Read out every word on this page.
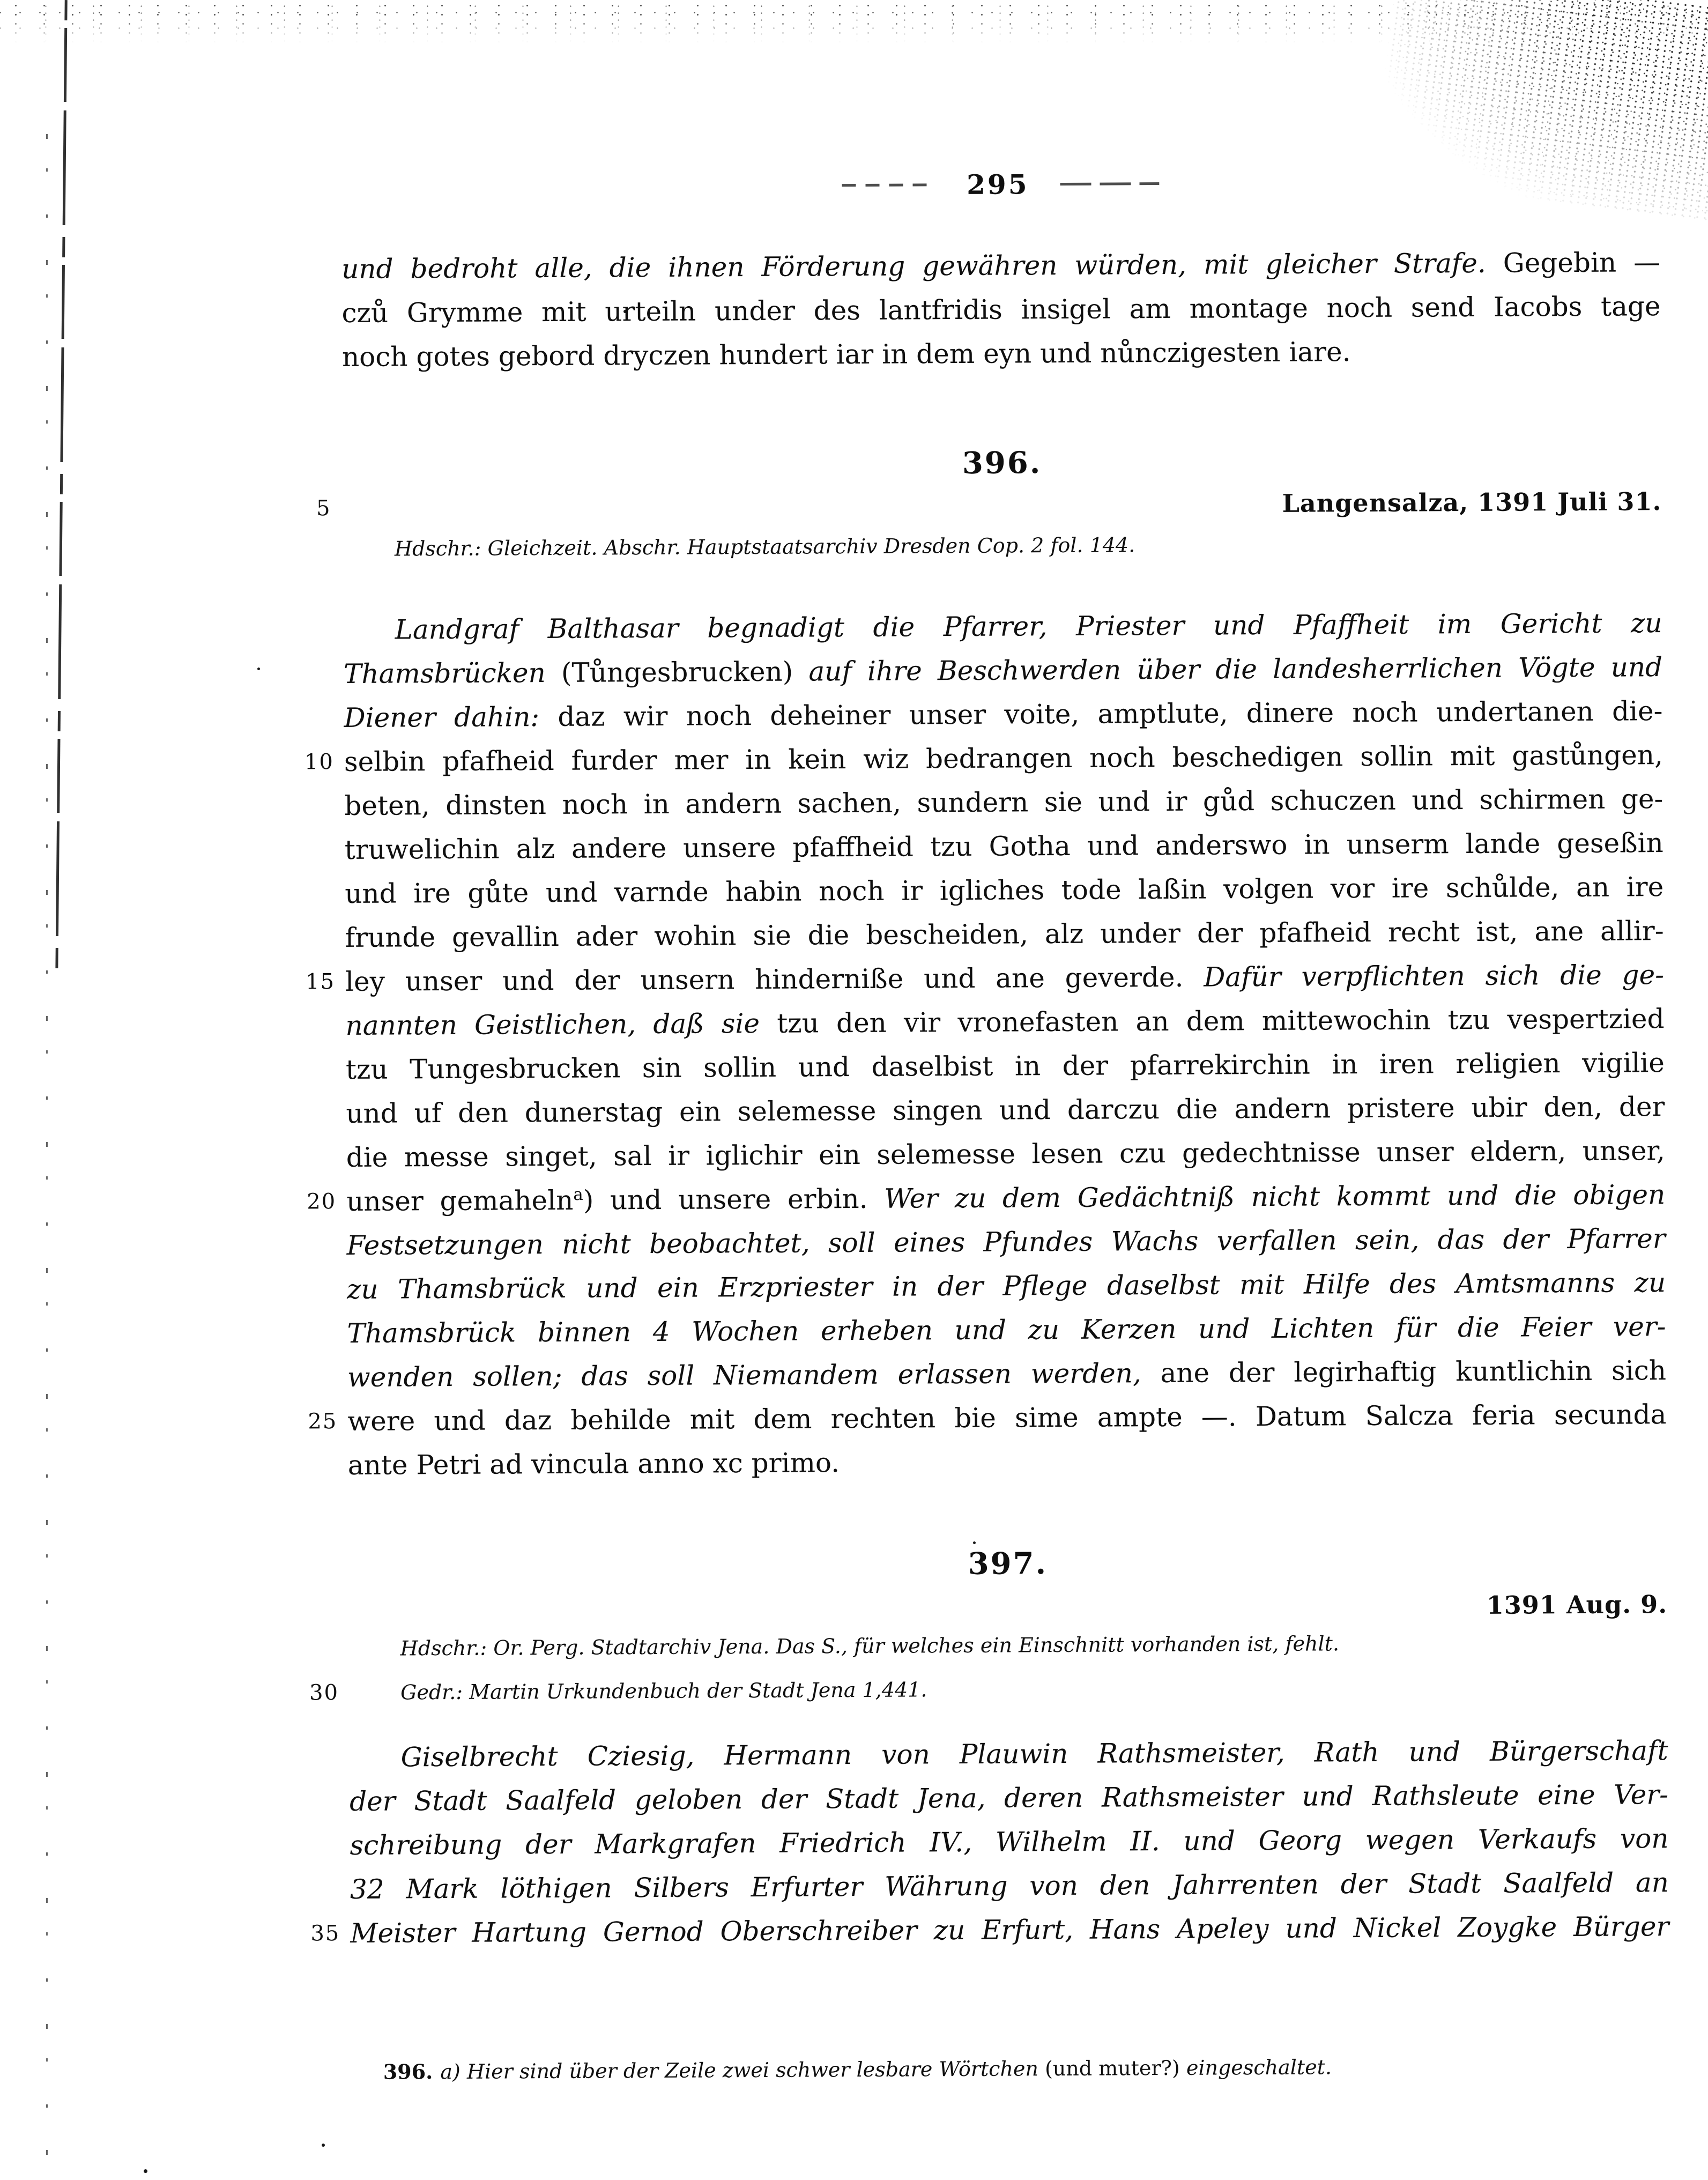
295
und bedroht alle, die ihnen Förderung gewähren würden, mit gleicher Strafe. Gegebin —
czů Grymme mit urteiln under des lantfridis insigel am montage noch send Iacobs tage
noch gotes gebord dryczen hundert iar in dem eyn und nůnczigesten iare.
396.
5	Langensalza, 1391 Juli 31.
Hdschr.: Gleichzeit. Abschr. Hauptstaatsarchiv Dresden Cop. 2 fol. 144.
Landgraf Balthasar begnadigt die Pfarrer, Priester und Pfaffheit im Gericht zu
Thamsbrücken (Tůngesbrucken) auf ihre Beschwerden über die landesherrlichen Vögte und
Diener dahin: daz wir noch deheiner unser voite, amptlute, dinere noch undertanen die-
10 selbin pfafheid furder mer in kein wiz bedrangen noch beschedigen sollin mit gastůngen,
beten, dinsten noch in andern sachen, sundern sie und ir gůd schuczen und schirmen ge-
truwelichin alz andere unsere pfaffheid tzu Gotha und anderswo in unserm lande geseßin
und ire gůte und varnde habin noch ir igliches tode laßin volgen vor ire schůlde, an ire
frunde gevallin ader wohin sie die bescheiden, alz under der pfafheid recht ist, ane allir-
15 ley unser und der unsern hinderniße und ane geverde. Dafür verpflichten sich die ge-
nannten Geistlichen, daß sie tzu den vir vronefasten an dem mittewochin tzu vespertzied
tzu Tungesbrucken sin sollin und daselbist in der pfarrekirchin in iren religien vigilie
und uf den dunerstag ein selemesse singen und darczu die andern pristere ubir den, der
die messe singet, sal ir iglichir ein selemesse lesen czu gedechtnisse unser eldern, unser,
20 unser gemaheln$^a$) und unsere erbin. Wer zu dem Gedächtniß nicht kommt und die obigen
Festsetzungen nicht beobachtet, soll eines Pfundes Wachs verfallen sein, das der Pfarrer
zu Thamsbrück und ein Erzpriester in der Pflege daselbst mit Hilfe des Amtsmanns zu
Thamsbrück binnen 4 Wochen erheben und zu Kerzen und Lichten für die Feier ver-
wenden sollen; das soll Niemandem erlassen werden, ane der legirhaftig kuntlichin sich
25 were und daz behilde mit dem rechten bie sime ampte —. Datum Salcza feria secunda
ante Petri ad vincula anno xc primo.
397.
1391 Aug. 9.
Hdschr.: Or. Perg. Stadtarchiv Jena. Das S., für welches ein Einschnitt vorhanden ist, fehlt.
30	Gedr.: Martin Urkundenbuch der Stadt Jena 1,441.
Giselbrecht Cziesig, Hermann von Plauwin Rathsmeister, Rath und Bürgerschaft
der Stadt Saalfeld geloben der Stadt Jena, deren Rathsmeister und Rathsleute eine Ver-
schreibung der Markgrafen Friedrich IV., Wilhelm II. und Georg wegen Verkaufs von
32 Mark löthigen Silbers Erfurter Währung von den Jahrrenten der Stadt Saalfeld an
35 Meister Hartung Gernod Oberschreiber zu Erfurt, Hans Apeley und Nickel Zoygke Bürger
396. a) Hier sind über der Zeile zwei schwer lesbare Wörtchen (und muter?) eingeschaltet.
